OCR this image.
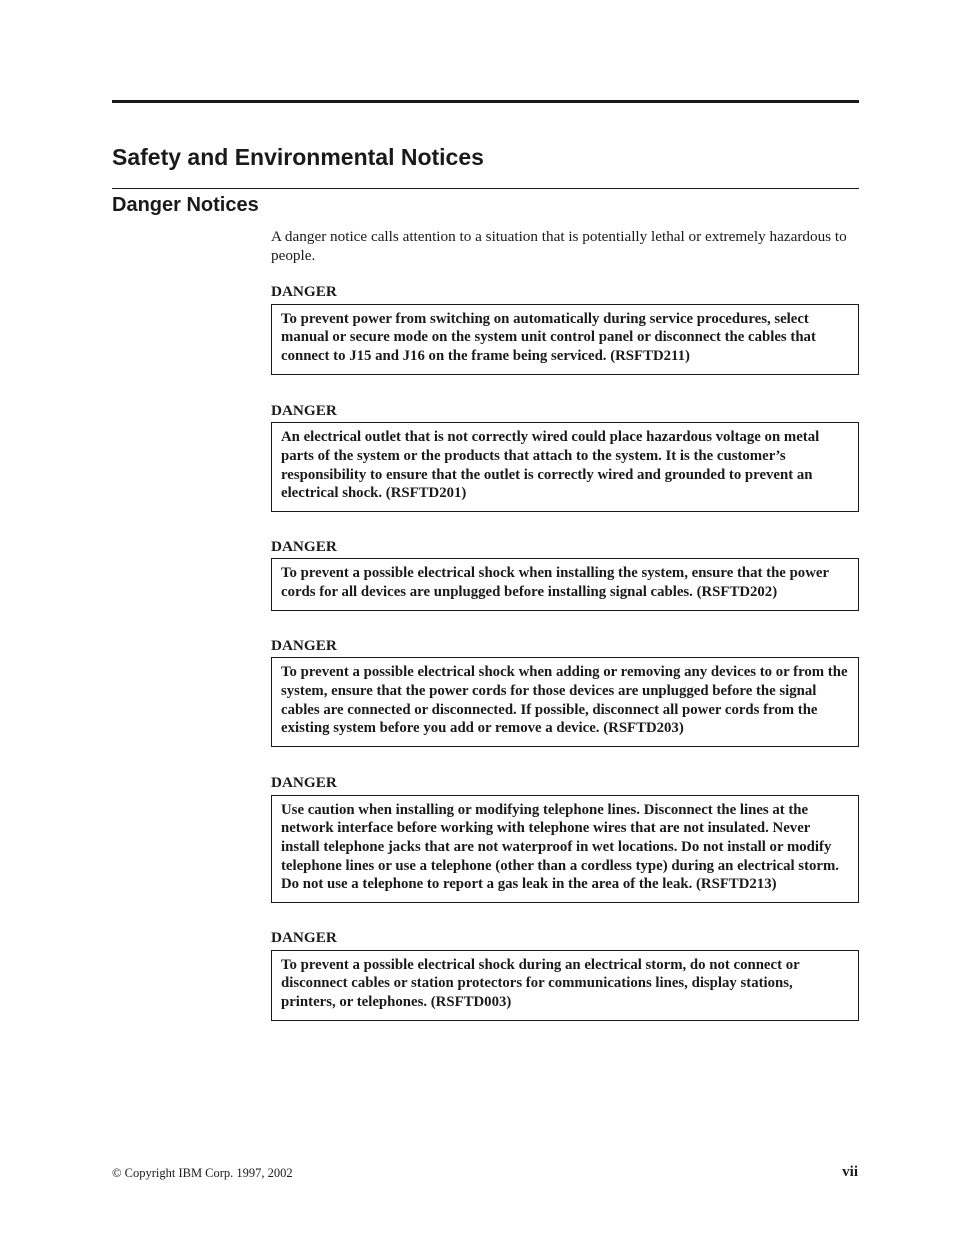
Safety and Environmental Notices
Danger Notices

A danger notice calls attention to a situation that is potentially lethal or extremely hazardous to people.

DANGER

To prevent power from switching on automatically during service procedures, select manual or secure mode on the system unit control panel or disconnect the cables that connect to J15 and J16 on the frame being serviced. (RSFTD211)

DANGER

An electrical outlet that is not correctly wired could place hazardous voltage on metal parts of the system or the products that attach to the system. It is the customer’s responsibility to ensure that the outlet is correctly wired and grounded to prevent an electrical shock. (RSFTD201)

DANGER

To prevent a possible electrical shock when installing the system, ensure that the power cords for all devices are unplugged before installing signal cables. (RSFTD202)

DANGER

To prevent a possible electrical shock when adding or removing any devices to or from the system, ensure that the power cords for those devices are unplugged before the signal cables are connected or disconnected. If possible, disconnect all power cords from the existing system before you add or remove a device. (RSFTD203)

DANGER

Use caution when installing or modifying telephone lines. Disconnect the lines at the network interface before working with telephone wires that are not insulated. Never install telephone jacks that are not waterproof in wet locations. Do not install or modify telephone lines or use a telephone (other than a cordless type) during an electrical storm. Do not use a telephone to report a gas leak in the area of the leak. (RSFTD213)

DANGER

To prevent a possible electrical shock during an electrical storm, do not connect or disconnect cables or station protectors for communications lines, display stations, printers, or telephones. (RSFTD003)

© Copyright IBM Corp. 1997, 2002	vii
